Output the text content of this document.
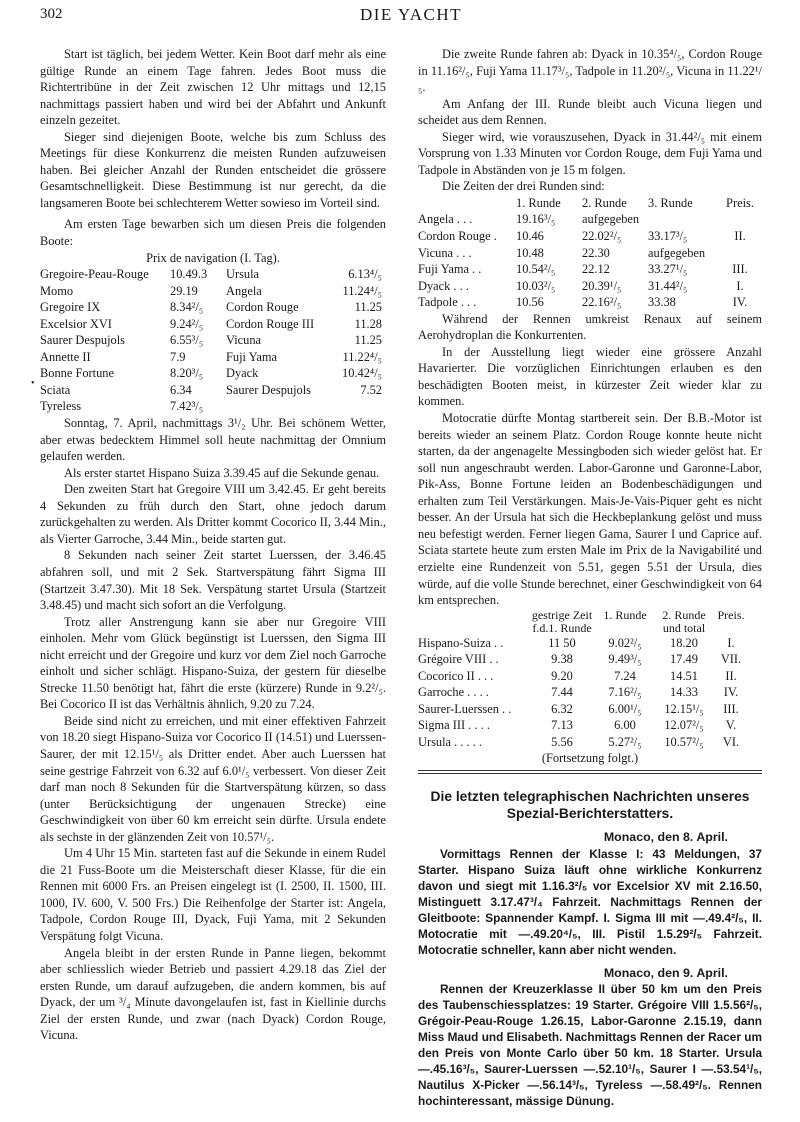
302	DIE YACHT
•

Start ist täglich, bei jedem Wetter. Kein Boot darf mehr als eine gültige Runde an einem Tage fahren. Jedes Boot muss die Richtertribüne in der Zeit zwischen 12 Uhr mittags und 12,15 nachmittags passiert haben und wird bei der Abfahrt und Ankunft einzeln gezeitet.

Sieger sind diejenigen Boote, welche bis zum Schluss des Meetings für diese Konkurrenz die meisten Runden aufzuweisen haben. Bei gleicher Anzahl der Runden entscheidet die grössere Gesamtschnelligkeit. Diese Bestimmung ist nur gerecht, da die langsameren Boote bei schlechterem Wetter sowieso im Vorteil sind.

Am ersten Tage bewarben sich um diesen Preis die folgenden Boote:

Prix de navigation (I. Tag).
Gregoire-Peau-Rouge	10.49.3	Ursula	6.13⁴/₅
Momo	29.19	Angela	11.24⁴/₅
Gregoire IX	8.34²/₅	Cordon Rouge	11.25
Excelsior XVI	9.24²/₅	Cordon Rouge III	11.28
Saurer Despujols	6.55³/₅	Vicuna	11.25
Annette II	7.9	Fuji Yama	11.22⁴/₅
Bonne Fortune	8.20³/₅	Dyack	10.42⁴/₅
Sciata	6.34	Saurer Despujols	7.52
Tyreless	7.42³/₅		

Sonntag, 7. April, nachmittags 3¹/₂ Uhr. Bei schönem Wetter, aber etwas bedecktem Himmel soll heute nachmittag der Omnium gelaufen werden.

Als erster startet Hispano Suiza 3.39.45 auf die Sekunde genau.

Den zweiten Start hat Gregoire VIII um 3.42.45. Er geht bereits 4 Sekunden zu früh durch den Start, ohne jedoch darum zurückgehalten zu werden. Als Dritter kommt Cocorico II, 3.44 Min., als Vierter Garroche, 3.44 Min., beide starten gut.

8 Sekunden nach seiner Zeit startet Luerssen, der 3.46.45 abfahren soll, und mit 2 Sek. Startverspätung fährt Sigma III (Startzeit 3.47.30). Mit 18 Sek. Verspätung startet Ursula (Startzeit 3.48.45) und macht sich sofort an die Verfolgung.

Trotz aller Anstrengung kann sie aber nur Gregoire VIII einholen. Mehr vom Glück begünstigt ist Luerssen, den Sigma III nicht erreicht und der Gregoire und kurz vor dem Ziel noch Garroche einholt und sicher schlägt. Hispano-Suiza, der gestern für dieselbe Strecke 11.50 benötigt hat, fährt die erste (kürzere) Runde in 9.2²/₅. Bei Cocorico II ist das Verhältnis ähnlich, 9.20 zu 7.24.

Beide sind nicht zu erreichen, und mit einer effektiven Fahrzeit von 18.20 siegt Hispano-Suiza vor Cocorico II (14.51) und Luerssen-Saurer, der mit 12.15¹/₅ als Dritter endet. Aber auch Luerssen hat seine gestrige Fahrzeit von 6.32 auf 6.0¹/₅ verbessert. Von dieser Zeit darf man noch 8 Sekunden für die Startverspätung kürzen, so dass (unter Berücksichtigung der ungenauen Strecke) eine Geschwindigkeit von über 60 km erreicht sein dürfte. Ursula endete als sechste in der glänzenden Zeit von 10.57¹/₅.

Um 4 Uhr 15 Min. starteten fast auf die Sekunde in einem Rudel die 21 Fuss-Boote um die Meisterschaft dieser Klasse, für die ein Rennen mit 6000 Frs. an Preisen eingelegt ist (I. 2500, II. 1500, III. 1000, IV. 600, V. 500 Frs.) Die Reihenfolge der Starter ist: Angela, Tadpole, Cordon Rouge III, Dyack, Fuji Yama, mit 2 Sekunden Verspätung folgt Vicuna.

Angela bleibt in der ersten Runde in Panne liegen, bekommt aber schliesslich wieder Betrieb und passiert 4.29.18 das Ziel der ersten Runde, um darauf aufzugeben, die andern kommen, bis auf Dyack, der um ³/₄ Minute davongelaufen ist, fast in Kiellinie durchs Ziel der ersten Runde, und zwar (nach Dyack) Cordon Rouge, Vicuna.

Die zweite Runde fahren ab: Dyack in 10.35⁴/₅, Cordon Rouge in 11.16²/₅, Fuji Yama 11.17³/₅, Tadpole in 11.20²/₅, Vicuna in 11.22¹/₅.

Am Anfang der III. Runde bleibt auch Vicuna liegen und scheidet aus dem Rennen.

Sieger wird, wie vorauszusehen, Dyack in 31.44²/₅ mit einem Vorsprung von 1.33 Minuten vor Cordon Rouge, dem Fuji Yama und Tadpole in Abständen von je 15 m folgen.

Die Zeiten der drei Runden sind:

	1. Runde	2. Runde	3. Runde	Preis.
Angela . . .	19.16³/₅	aufgegeben		
Cordon Rouge .	10.46	22.02²/₅	33.17³/₅	II.
Vicuna . . .	10.48	22.30	aufgegeben	
Fuji Yama . .	10.54²/₅	22.12	33.27¹/₅	III.
Dyack . . .	10.03²/₅	20.39¹/₅	31.44²/₅	I.
Tadpole . . .	10.56	22.16²/₅	33.38	IV.

Während der Rennen umkreist Renaux auf seinem Aerohydroplan die Konkurrenten.

In der Ausstellung liegt wieder eine grössere Anzahl Havarierter. Die vorzüglichen Einrichtungen erlauben es den beschädigten Booten meist, in kürzester Zeit wieder klar zu kommen.

Motocratie dürfte Montag startbereit sein. Der B.B.-Motor ist bereits wieder an seinem Platz. Cordon Rouge konnte heute nicht starten, da der angenagelte Messingboden sich wieder gelöst hat. Er soll nun angeschraubt werden. Labor-Garonne und Garonne-Labor, Pik-Ass, Bonne Fortune leiden an Bodenbeschädigungen und erhalten zum Teil Verstärkungen. Mais-Je-Vais-Piquer geht es nicht besser. An der Ursula hat sich die Heckbeplankung gelöst und muss neu befestigt werden. Ferner liegen Gama, Saurer I und Caprice auf. Sciata startete heute zum ersten Male im Prix de la Navigabilité und erzielte eine Rundenzeit von 5.51, gegen 5.51 der Ursula, dies würde, auf die volle Stunde berechnet, einer Geschwindigkeit von 64 km entsprechen.

	gestrige Zeit f.d.1. Runde	1. Runde	2. Runde und total	Preis.
Hispano-Suiza . .	11 50	9.02²/₅	18.20	I.
Grégoire VIII . .	9.38	9.49³/₅	17.49	VII.
Cocorico II . . .	9.20	7.24	14.51	II.
Garroche . . . .	7.44	7.16²/₅	14.33	IV.
Saurer-Luerssen . .	6.32	6.00¹/₅	12.15¹/₅	III.
Sigma III . . . .	7.13	6.00	12.07²/₅	V.
Ursula . . . . .	5.56	5.27²/₅	10.57²/₅	VI.
(Fortsetzung folgt.)
Die letzten telegraphischen Nachrichten unseres Spezial-Berichterstatters.
Monaco, den 8. April.

Vormittags Rennen der Klasse I: 43 Meldungen, 37 Starter. Hispano Suiza läuft ohne wirkliche Konkurrenz davon und siegt mit 1.16.3²/₅ vor Excelsior XV mit 2.16.50, Mistinguett 3.17.47³/₄ Fahrzeit. Nachmittags Rennen der Gleitboote: Spannender Kampf. I. Sigma III mit —.49.4²/₅, II. Motocratie mit —.49.20⁴/₅, III. Pistil 1.5.29²/₅ Fahrzeit. Motocratie schneller, kann aber nicht wenden.

Monaco, den 9. April.

Rennen der Kreuzerklasse II über 50 km um den Preis des Taubenschiessplatzes: 19 Starter. Grégoire VIII 1.5.56²/₅, Grégoir-Peau-Rouge 1.26.15, Labor-Garonne 2.15.19, dann Miss Maud und Elisabeth. Nachmittags Rennen der Racer um den Preis von Monte Carlo über 50 km. 18 Starter. Ursula —.45.16³/₅, Saurer-Luerssen —.52.10¹/₅, Saurer I —.53.54¹/₅, Nautilus X-Picker —.56.14³/₅, Tyreless —.58.49²/₅. Rennen hochinteressant, mässige Dünung.
